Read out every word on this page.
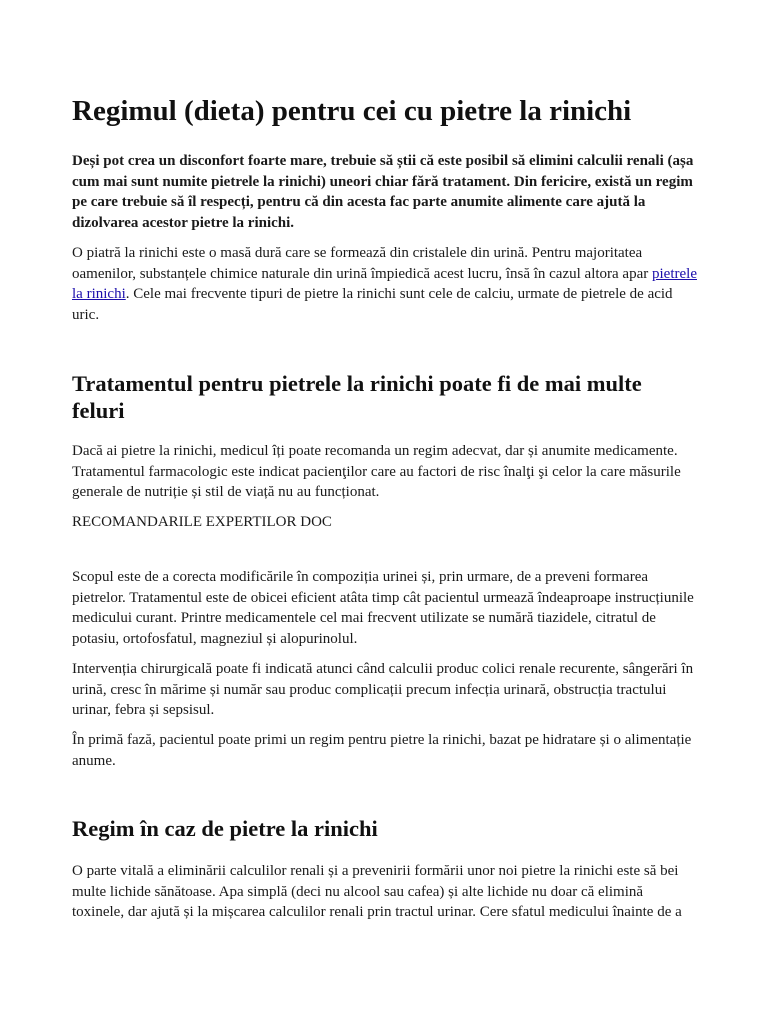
Regimul (dieta) pentru cei cu pietre la rinichi

Deși pot crea un disconfort foarte mare, trebuie să știi că este posibil să elimini calculii renali (așa cum mai sunt numite pietrele la rinichi) uneori chiar fără tratament. Din fericire, există un regim pe care trebuie să îl respecți, pentru că din acesta fac parte anumite alimente care ajută la dizolvarea acestor pietre la rinichi.

O piatră la rinichi este o masă dură care se formează din cristalele din urină. Pentru majoritatea oamenilor, substanțele chimice naturale din urină împiedică acest lucru, însă în cazul altora apar pietrele la rinichi. Cele mai frecvente tipuri de pietre la rinichi sunt cele de calciu, urmate de pietrele de acid uric.

Tratamentul pentru pietrele la rinichi poate fi de mai multe feluri

Dacă ai pietre la rinichi, medicul îți poate recomanda un regim adecvat, dar și anumite medicamente. Tratamentul farmacologic este indicat pacienţilor care au factori de risc înalţi şi celor la care măsurile generale de nutriție și stil de viață nu au funcționat.

RECOMANDARILE EXPERTILOR DOC

Scopul este de a corecta modificările în compoziția urinei și, prin urmare, de a preveni formarea pietrelor. Tratamentul este de obicei eficient atâta timp cât pacientul urmează îndeaproape instrucțiunile medicului curant. Printre medicamentele cel mai frecvent utilizate se numără tiazidele, citratul de potasiu, ortofosfatul, magneziul și alopurinolul.

Intervenția chirurgicală poate fi indicată atunci când calculii produc colici renale recurente, sângerări în urină, cresc în mărime și număr sau produc complicații precum infecția urinară, obstrucția tractului urinar, febra și sepsisul.

În primă fază, pacientul poate primi un regim pentru pietre la rinichi, bazat pe hidratare și o alimentație anume.

Regim în caz de pietre la rinichi

O parte vitală a eliminării calculilor renali și a prevenirii formării unor noi pietre la rinichi este să bei multe lichide sănătoase. Apa simplă (deci nu alcool sau cafea) și alte lichide nu doar că elimină toxinele, dar ajută și la mișcarea calculilor renali prin tractul urinar. Cere sfatul medicului înainte de a
